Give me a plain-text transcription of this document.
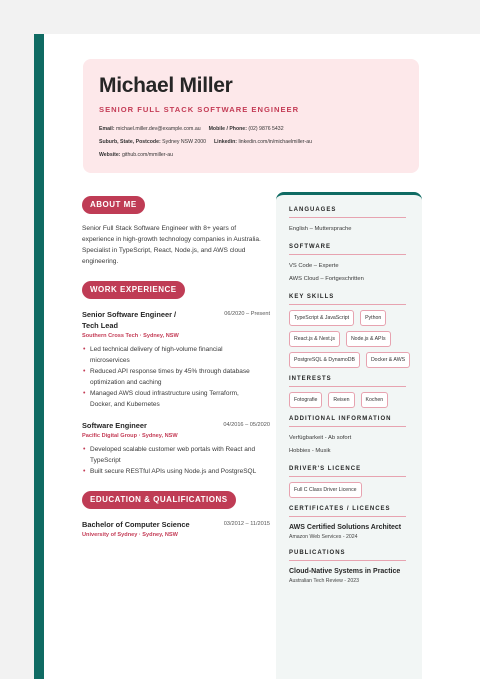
Michael Miller
SENIOR FULL STACK SOFTWARE ENGINEER
Email: michael.miller.dev@example.com.au Mobile / Phone: (02) 9876 5432
Suburb, State, Postcode: Sydney NSW 2000 Linkedin: linkedin.com/in/michaelmiller-au
Website: github.com/mmiller-au
ABOUT ME
Senior Full Stack Software Engineer with 8+ years of experience in high-growth technology companies in Australia. Specialist in TypeScript, React, Node.js, and AWS cloud engineering.
WORK EXPERIENCE
Senior Software Engineer / Tech Lead
06/2020 – Present
Southern Cross Tech · Sydney, NSW
• Led technical delivery of high-volume financial microservices
• Reduced API response times by 45% through database optimization and caching
• Managed AWS cloud infrastructure using Terraform, Docker, and Kubernetes
Software Engineer	04/2016 – 05/2020
Pacific Digital Group · Sydney, NSW
• Developed scalable customer web portals with React and TypeScript
• Built secure RESTful APIs using Node.js and PostgreSQL
EDUCATION & QUALIFICATIONS
Bachelor of Computer Science	03/2012 – 11/2015
University of Sydney · Sydney, NSW
LANGUAGES
English – Muttersprache
SOFTWARE
VS Code – Experte
AWS Cloud – Fortgeschritten
KEY SKILLS
TypeScript & JavaScript	Python
React.js & Next.js	Node.js & APIs
PostgreSQL & DynamoDB	Docker & AWS
INTERESTS
Fotografie	Reisen	Kochen
ADDITIONAL INFORMATION
Verfügbarkeit - Ab sofort
Hobbies - Musik
DRIVER'S LICENCE
Full C Class Driver Licence
CERTIFICATES / LICENCES
AWS Certified Solutions Architect
Amazon Web Services - 2024
PUBLICATIONS
Cloud-Native Systems in Practice
Australian Tech Review - 2023
